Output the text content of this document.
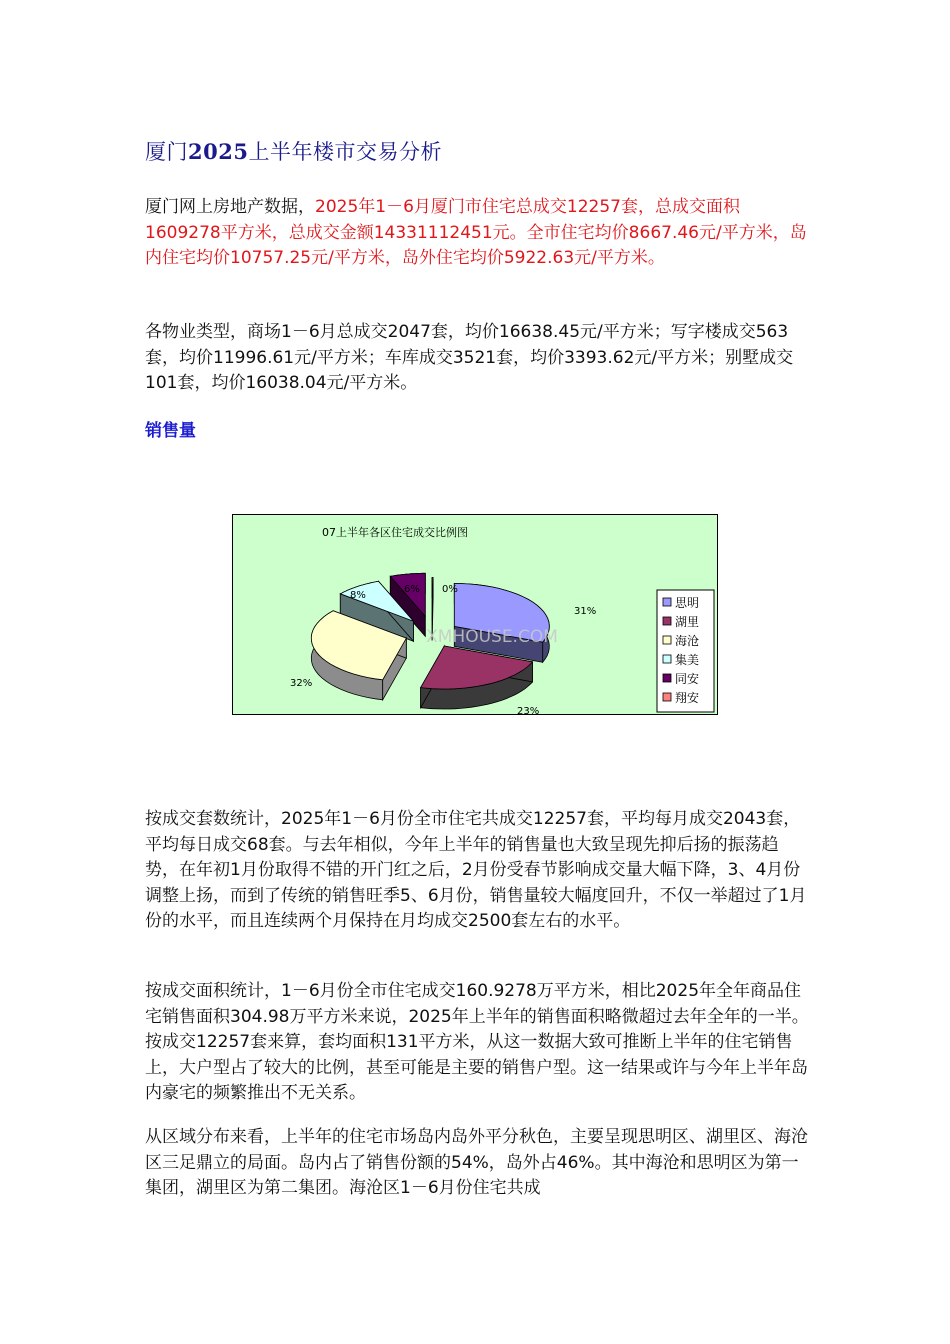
厦门2025上半年楼市交易分析

厦门网上房地产数据，2025年1－6月厦门市住宅总成交12257套，总成交面积1609278平方米，总成交金额14331112451元。全市住宅均价8667.46元/平方米，岛内住宅均价10757.25元/平方米，岛外住宅均价5922.63元/平方米。

各物业类型，商场1－6月总成交2047套，均价16638.45元/平方米；写字楼成交563套，均价11996.61元/平方米；车库成交3521套，均价3393.62元/平方米；别墅成交101套，均价16038.04元/平方米。

销售量
07上半年各区住宅成交比例图
XMHOUSE.COM
31%
23%
32%
8%
6% 0%
思明
湖里
海沧
集美
同安
翔安

按成交套数统计，2025年1－6月份全市住宅共成交12257套，平均每月成交2043套，平均每日成交68套。与去年相似，今年上半年的销售量也大致呈现先抑后扬的振荡趋势，在年初1月份取得不错的开门红之后，2月份受春节影响成交量大幅下降，3、4月份调整上扬，而到了传统的销售旺季5、6月份，销售量较大幅度回升，不仅一举超过了1月份的水平，而且连续两个月保持在月均成交2500套左右的水平。

按成交面积统计，1－6月份全市住宅成交160.9278万平方米，相比2025年全年商品住宅销售面积304.98万平方米来说，2025年上半年的销售面积略微超过去年全年的一半。按成交12257套来算，套均面积131平方米，从这一数据大致可推断上半年的住宅销售上，大户型占了较大的比例，甚至可能是主要的销售户型。这一结果或许与今年上半年岛内豪宅的频繁推出不无关系。

从区域分布来看，上半年的住宅市场岛内岛外平分秋色，主要呈现思明区、湖里区、海沧区三足鼎立的局面。岛内占了销售份额的54%，岛外占46%。其中海沧和思明区为第一集团，湖里区为第二集团。海沧区1－6月份住宅共成
